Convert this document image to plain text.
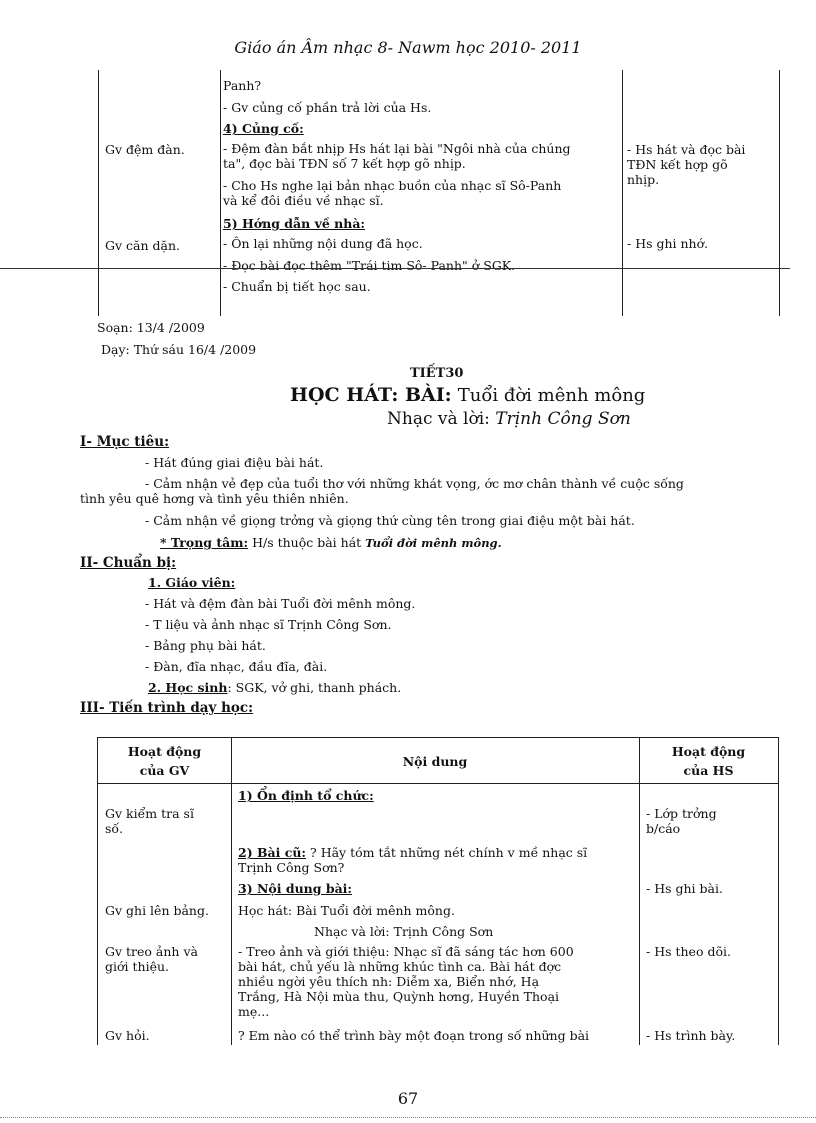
Giáo án Âm nhạc 8- Nawm học 2010- 2011
Gv đệm đàn.
Gv căn dặn.
Panh?
- Gv củng cố phần trả lời của Hs.
4) Củng cố:
- Đệm đàn bắt nhịp Hs hát lại bài "Ngôi nhà của chúng
ta", đọc bài TĐN số 7 kết hợp gõ nhịp.
- Cho Hs nghe lại bản nhạc buồn của nhạc sĩ Sô-Panh
và kể đôi điều về nhạc sĩ.
5) Hớng dẫn về nhà:
- Ôn lại những nội dung đã học.
- Đọc bài đọc thêm "Trái tim Sô- Panh" ở SGK.
- Chuẩn bị tiết học sau.
- Hs hát và đọc bài
TĐN kết hợp gõ
nhịp.
- Hs ghi nhớ.
Soạn: 13/4 /2009
Dạy: Thứ sáu 16/4 /2009
TIẾT30
HỌC HÁT: BÀI: Tuổi đời mênh mông
Nhạc và lời: Trịnh Công Sơn
I- Mục tiêu:
- Hát đúng giai điệu bài hát.
- Cảm nhận vẻ đẹp của tuổi thơ với những khát vọng, ớc mơ chân thành về cuộc sống
tình yêu quê hơng và tình yêu thiên nhiên.
- Cảm nhận về giọng trởng và giọng thứ cùng tên trong giai điệu một bài hát.
* Trọng tâm: H/s thuộc bài hát Tuổi đời mênh mông.
II- Chuẩn bị:
1. Giáo viên:
- Hát và đệm đàn bài Tuổi đời mênh mông.
- T liệu và ảnh nhạc sĩ Trịnh Công Sơn.
- Bảng phụ bài hát.
- Đàn, đĩa nhạc, đầu đĩa, đài.
2. Học sinh: SGK, vở ghi, thanh phách.
III- Tiến trình dạy học:
Hoạt động
của GV
Nội dung
Hoạt động
của HS
Gv kiểm tra sĩ
số.
Gv ghi lên bảng.
Gv treo ảnh và
giới thiệu.
Gv hỏi.
1) Ổn định tổ chức:
2) Bài cũ: ? Hãy tóm tắt những nét chính v mề nhạc sĩ
Trịnh Công Sơn?
3) Nội dung bài:
Học hát: Bài Tuổi đời mênh mông.
Nhạc và lời: Trịnh Công Sơn
- Treo ảnh và giới thiệu: Nhạc sĩ đã sáng tác hơn 600
bài hát, chủ yếu là những khúc tình ca. Bài hát đợc
nhiều ngời yêu thích nh: Diễm xa, Biển nhớ, Hạ
Trắng, Hà Nội mùa thu, Quỳnh hơng, Huyền Thoại
mẹ...
? Em nào có thể trình bày một đoạn trong số những bài
- Lớp trởng
b/cáo
- Hs ghi bài.
- Hs theo dõi.
- Hs trình bày.
67
